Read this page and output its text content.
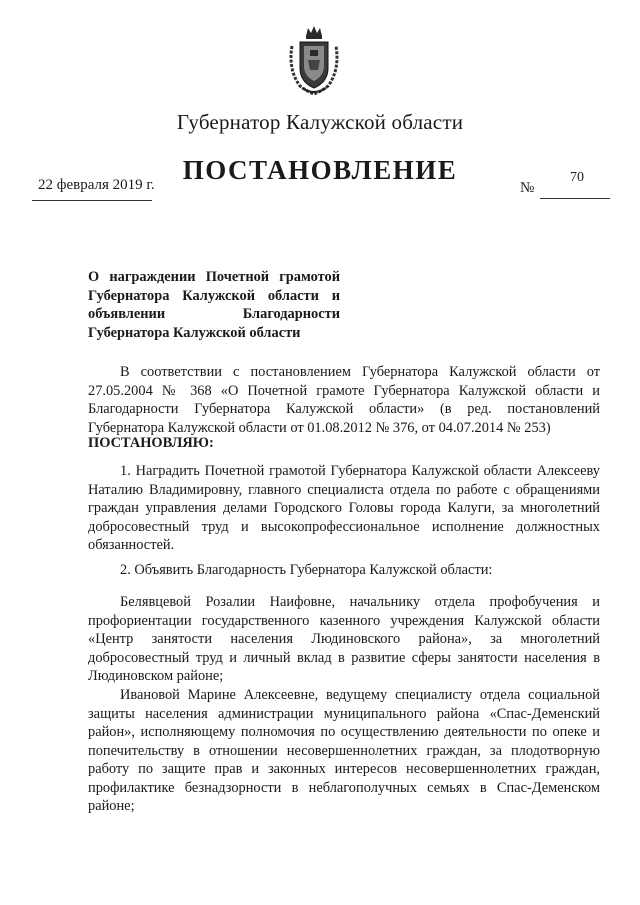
Губернатор Калужской области
ПОСТАНОВЛЕНИЕ
22 февраля 2019 г.	70
№
О награждении Почетной грамотой Губернатора Калужской области и объявлении Благодарности Губернатора Калужской области
В соответствии с постановлением Губернатора Калужской области от 27.05.2004 № 368 «О Почетной грамоте Губернатора Калужской области и Благодарности Губернатора Калужской области» (в ред. постановлений Губернатора Калужской области от 01.08.2012 № 376, от 04.07.2014 № 253)
ПОСТАНОВЛЯЮ:
1. Наградить Почетной грамотой Губернатора Калужской области Алексееву Наталию Владимировну, главного специалиста отдела по работе с обращениями граждан управления делами Городского Головы города Калуги, за многолетний добросовестный труд и высокопрофессиональное исполнение должностных обязанностей.
2. Объявить Благодарность Губернатора Калужской области:
Белявцевой Розалии Наифовне, начальнику отдела профобучения и профориентации государственного казенного учреждения Калужской области «Центр занятости населения Людиновского района», за многолетний добросовестный труд и личный вклад в развитие сферы занятости населения в Людиновском районе;
Ивановой Марине Алексеевне, ведущему специалисту отдела социальной защиты населения администрации муниципального района «Спас-Деменский район», исполняющему полномочия по осуществлению деятельности по опеке и попечительству в отношении несовершеннолетних граждан, за плодотворную работу по защите прав и законных интересов несовершеннолетних граждан, профилактике безнадзорности в неблагополучных семьях в Спас-Деменском районе;
